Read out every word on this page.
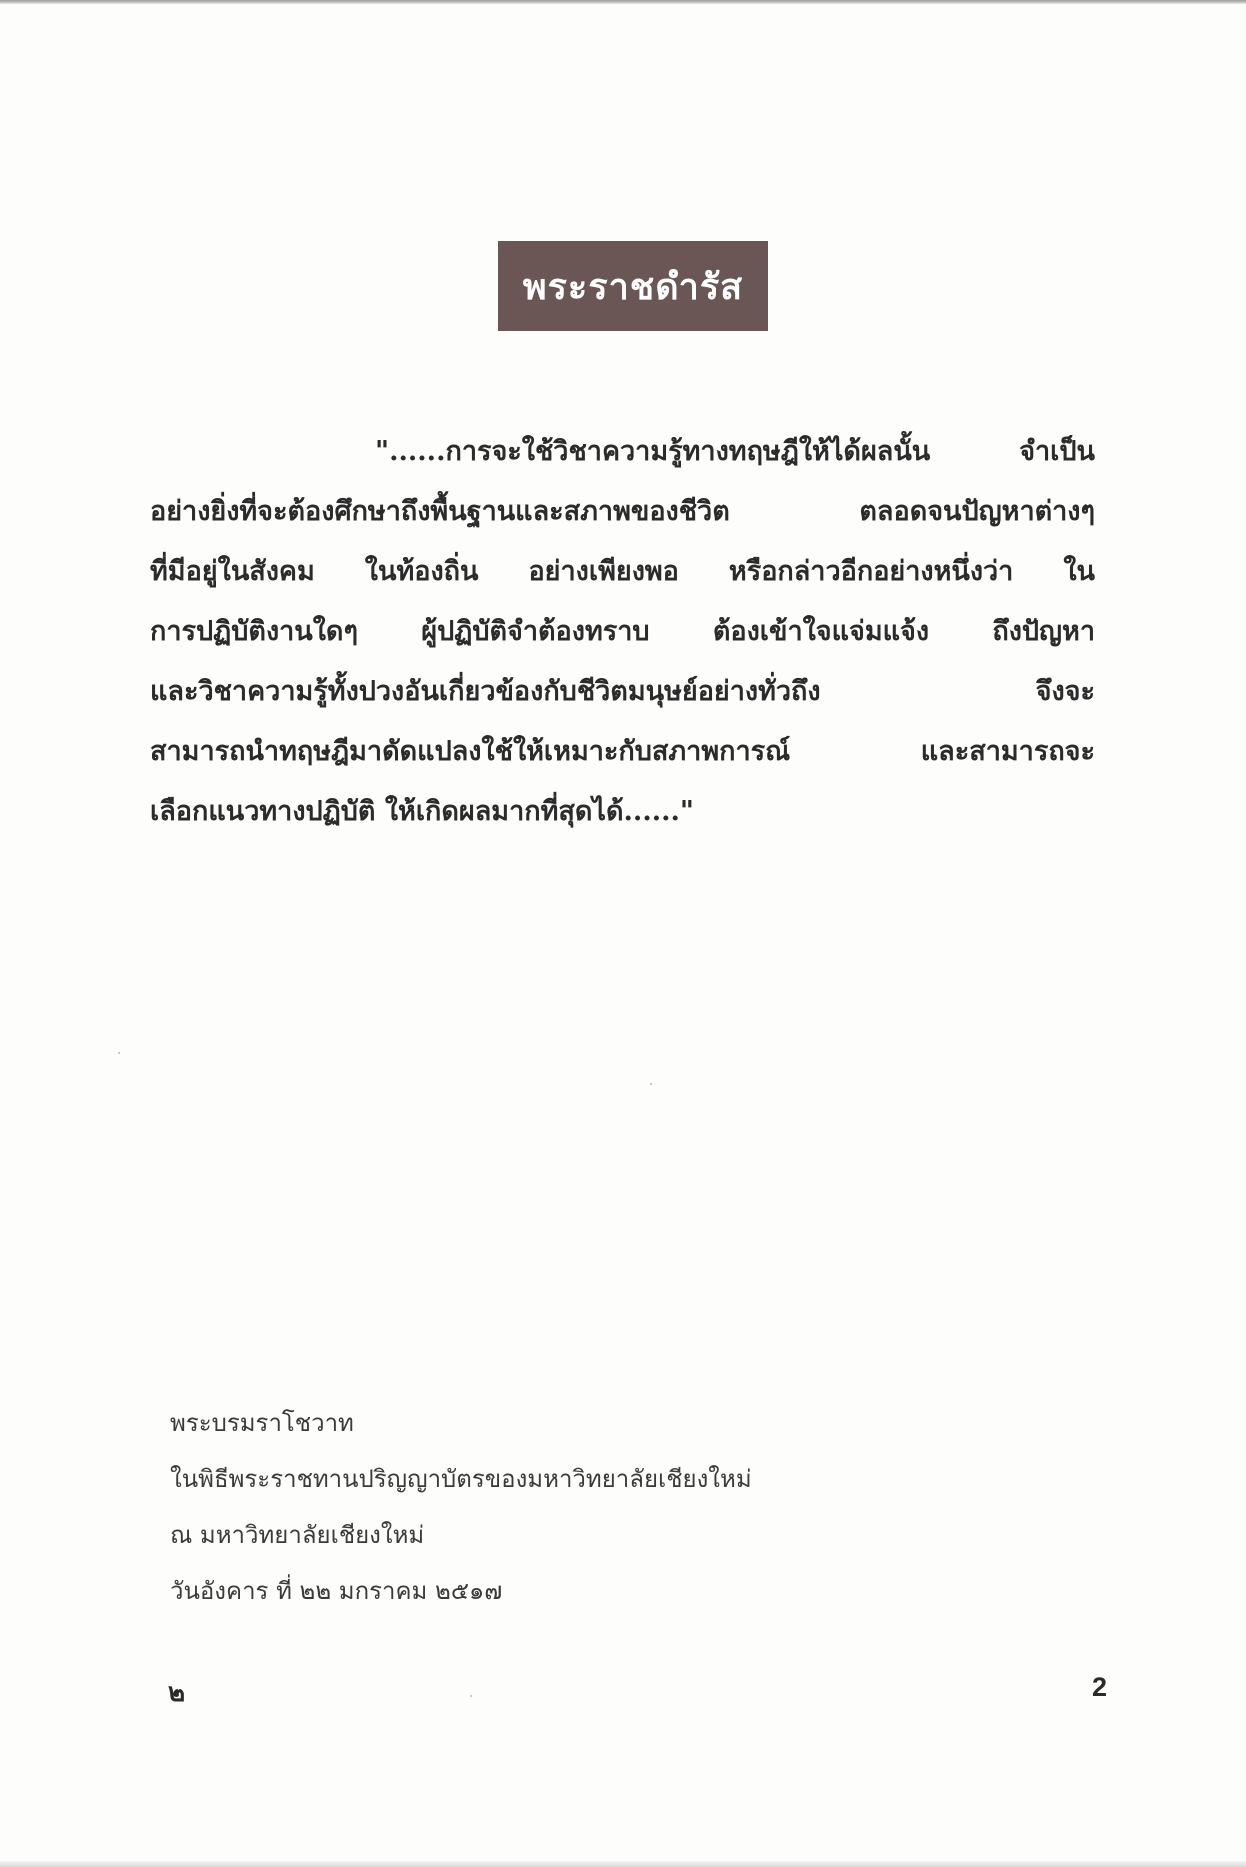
พระราชดำรัส
"......การจะใช้วิชาความรู้ทางทฤษฎีให้ได้ผลนั้น จำเป็น
อย่างยิ่งที่จะต้องศึกษาถึงพื้นฐานและสภาพของชีวิต ตลอดจนปัญหาต่างๆ
ที่มีอยู่ในสังคม ในท้องถิ่น อย่างเพียงพอ หรือกล่าวอีกอย่างหนึ่งว่า ใน
การปฏิบัติงานใดๆ ผู้ปฏิบัติจำต้องทราบ ต้องเข้าใจแจ่มแจ้ง ถึงปัญหา
และวิชาความรู้ทั้งปวงอันเกี่ยวข้องกับชีวิตมนุษย์อย่างทั่วถึง จึงจะ
สามารถนำทฤษฎีมาดัดแปลงใช้ให้เหมาะกับสภาพการณ์ และสามารถจะ
เลือกแนวทางปฏิบัติ ให้เกิดผลมากที่สุดได้......"
พระบรมราโชวาท
ในพิธีพระราชทานปริญญาบัตรของมหาวิทยาลัยเชียงใหม่
ณ มหาวิทยาลัยเชียงใหม่
วันอังคาร ที่ ๒๒ มกราคม ๒๕๑๗
๒	2
